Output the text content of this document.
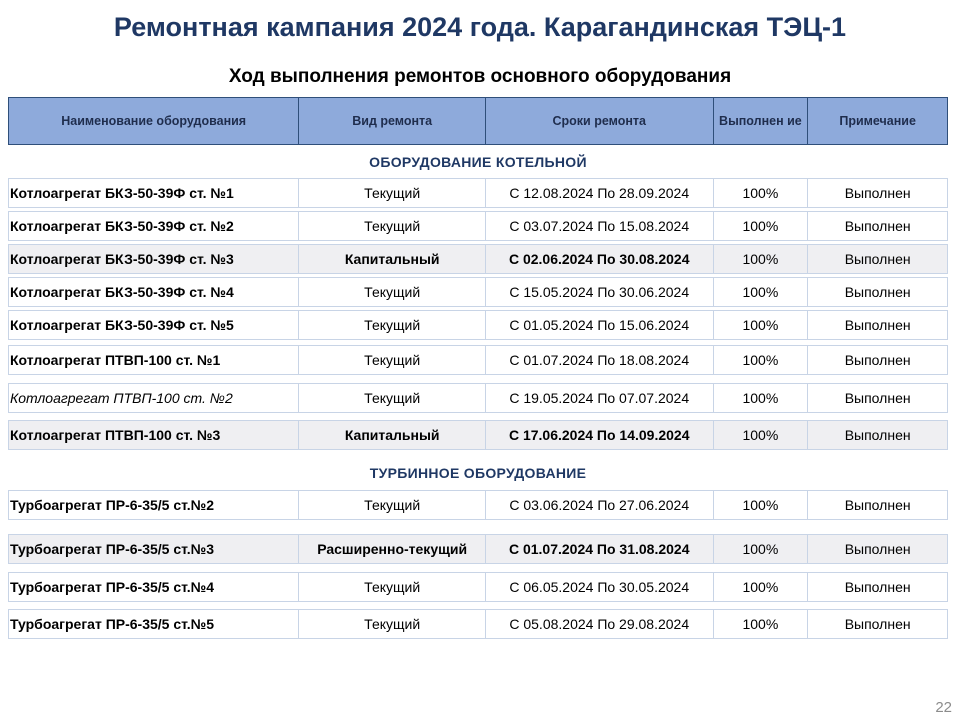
Ремонтная кампания 2024 года. Карагандинская ТЭЦ-1
Ход выполнения ремонтов основного оборудования
Наименование оборудования	Вид ремонта	Сроки ремонта	Выполнен ие	Примечание
ОБОРУДОВАНИЕ КОТЕЛЬНОЙ
Котлоагрегат БКЗ-50-39Ф ст. №1	Текущий	С 12.08.2024 По 28.09.2024	100%	Выполнен
Котлоагрегат БКЗ-50-39Ф ст. №2	Текущий	С 03.07.2024 По 15.08.2024	100%	Выполнен
Котлоагрегат БКЗ-50-39Ф ст. №3	Капитальный	С 02.06.2024 По 30.08.2024	100%	Выполнен
Котлоагрегат БКЗ-50-39Ф ст. №4	Текущий	С 15.05.2024 По 30.06.2024	100%	Выполнен
Котлоагрегат БКЗ-50-39Ф ст. №5	Текущий	С 01.05.2024 По 15.06.2024	100%	Выполнен
Котлоагрегат ПТВП-100 ст. №1	Текущий	С 01.07.2024 По 18.08.2024	100%	Выполнен
Котлоагрегат ПТВП-100 ст. №2	Текущий	С 19.05.2024 По 07.07.2024	100%	Выполнен
Котлоагрегат ПТВП-100 ст. №3	Капитальный	С 17.06.2024 По 14.09.2024	100%	Выполнен
ТУРБИННОЕ ОБОРУДОВАНИЕ
Турбоагрегат ПР-6-35/5 ст.№2	Текущий	С 03.06.2024 По 27.06.2024	100%	Выполнен
Турбоагрегат ПР-6-35/5 ст.№3	Расширенно-текущий	С 01.07.2024 По 31.08.2024	100%	Выполнен
Турбоагрегат ПР-6-35/5 ст.№4	Текущий	С 06.05.2024 По 30.05.2024	100%	Выполнен
Турбоагрегат ПР-6-35/5 ст.№5	Текущий	С 05.08.2024 По 29.08.2024	100%	Выполнен
22
